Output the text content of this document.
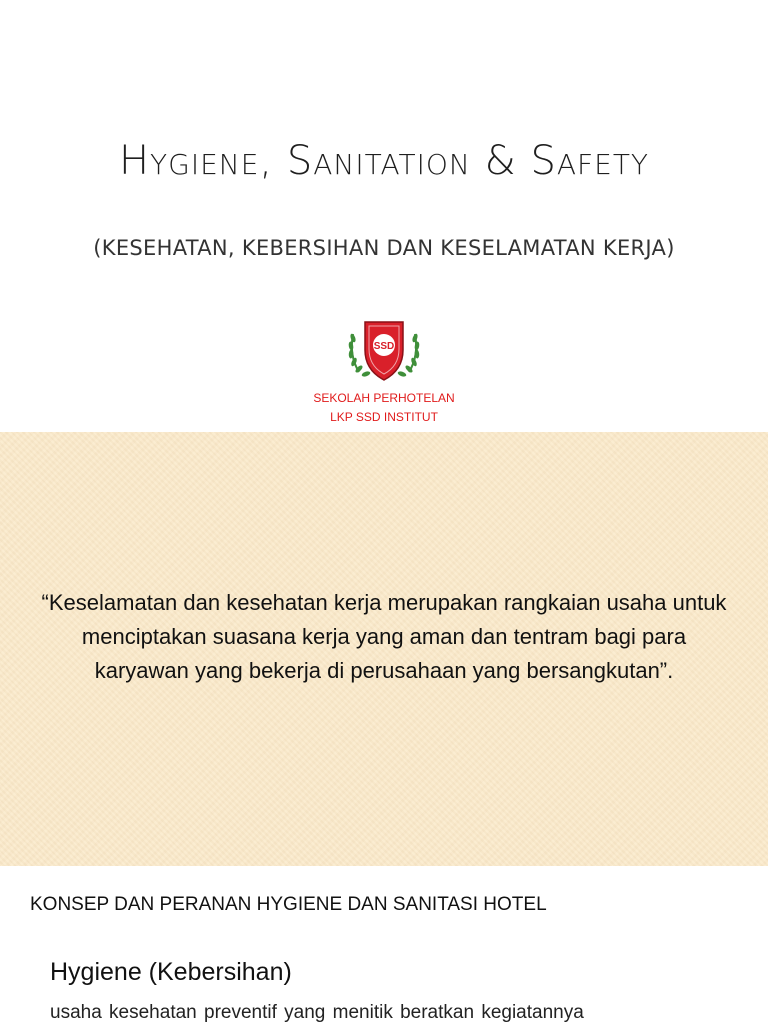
Hygiene, Sanitation & Safety
(KESEHATAN, KEBERSIHAN DAN KESELAMATAN KERJA)
SSD
SEKOLAH PERHOTELAN
LKP SSD INSTITUT
“Keselamatan dan kesehatan kerja merupakan rangkaian usaha untuk menciptakan suasana kerja yang aman dan tentram bagi para karyawan yang bekerja di perusahaan yang bersangkutan”.
KONSEP DAN PERANAN HYGIENE DAN SANITASI HOTEL
Hygiene (Kebersihan)
usaha kesehatan preventif yang menitik beratkan kegiatannya
